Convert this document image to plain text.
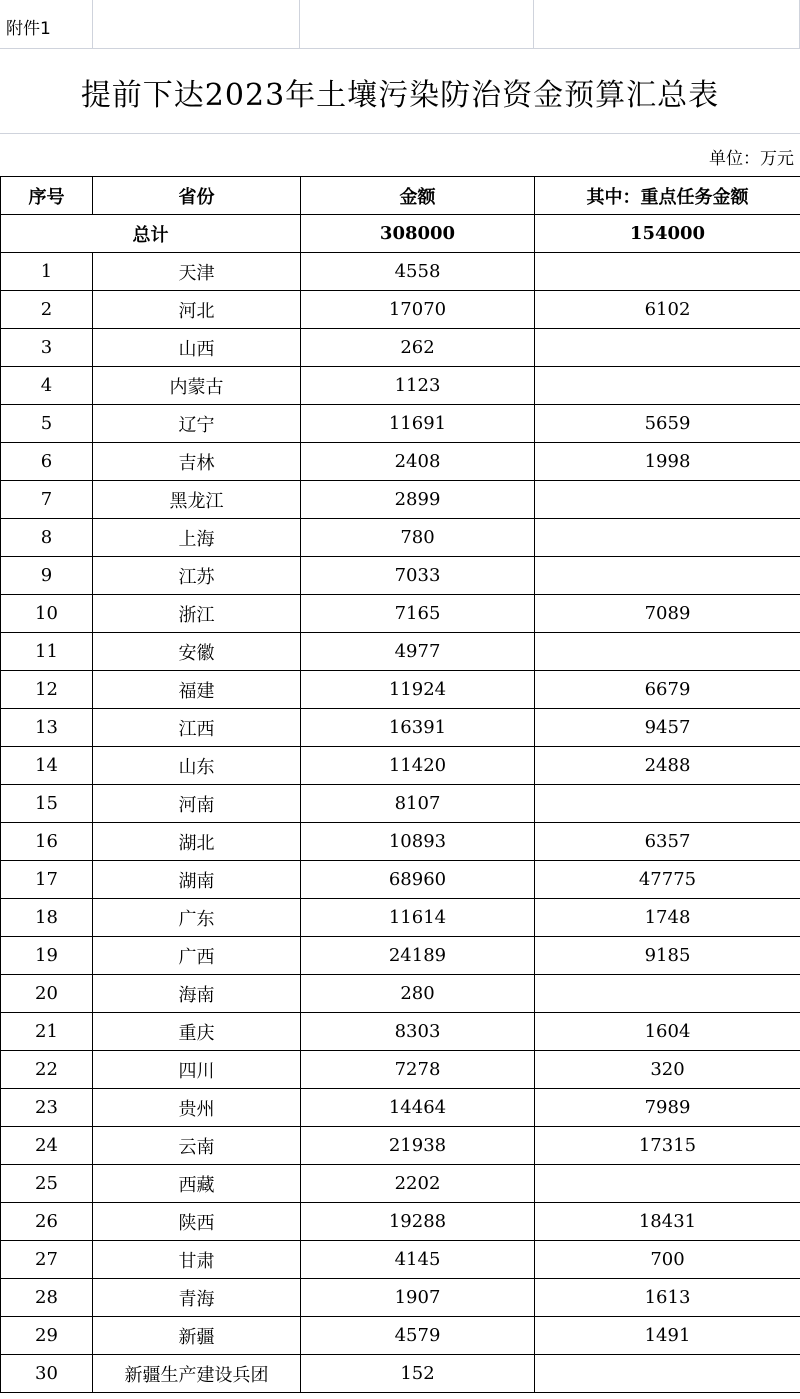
附件1
提前下达2023年土壤污染防治资金预算汇总表
单位：万元
序号	省份	金额	其中：重点任务金额
总计		308000	154000
1	天津	4558	
2	河北	17070	6102
3	山西	262	
4	内蒙古	1123	
5	辽宁	11691	5659
6	吉林	2408	1998
7	黑龙江	2899	
8	上海	780	
9	江苏	7033	
10	浙江	7165	7089
11	安徽	4977	
12	福建	11924	6679
13	江西	16391	9457
14	山东	11420	2488
15	河南	8107	
16	湖北	10893	6357
17	湖南	68960	47775
18	广东	11614	1748
19	广西	24189	9185
20	海南	280	
21	重庆	8303	1604
22	四川	7278	320
23	贵州	14464	7989
24	云南	21938	17315
25	西藏	2202	
26	陕西	19288	18431
27	甘肃	4145	700
28	青海	1907	1613
29	新疆	4579	1491
30	新疆生产建设兵团	152	
